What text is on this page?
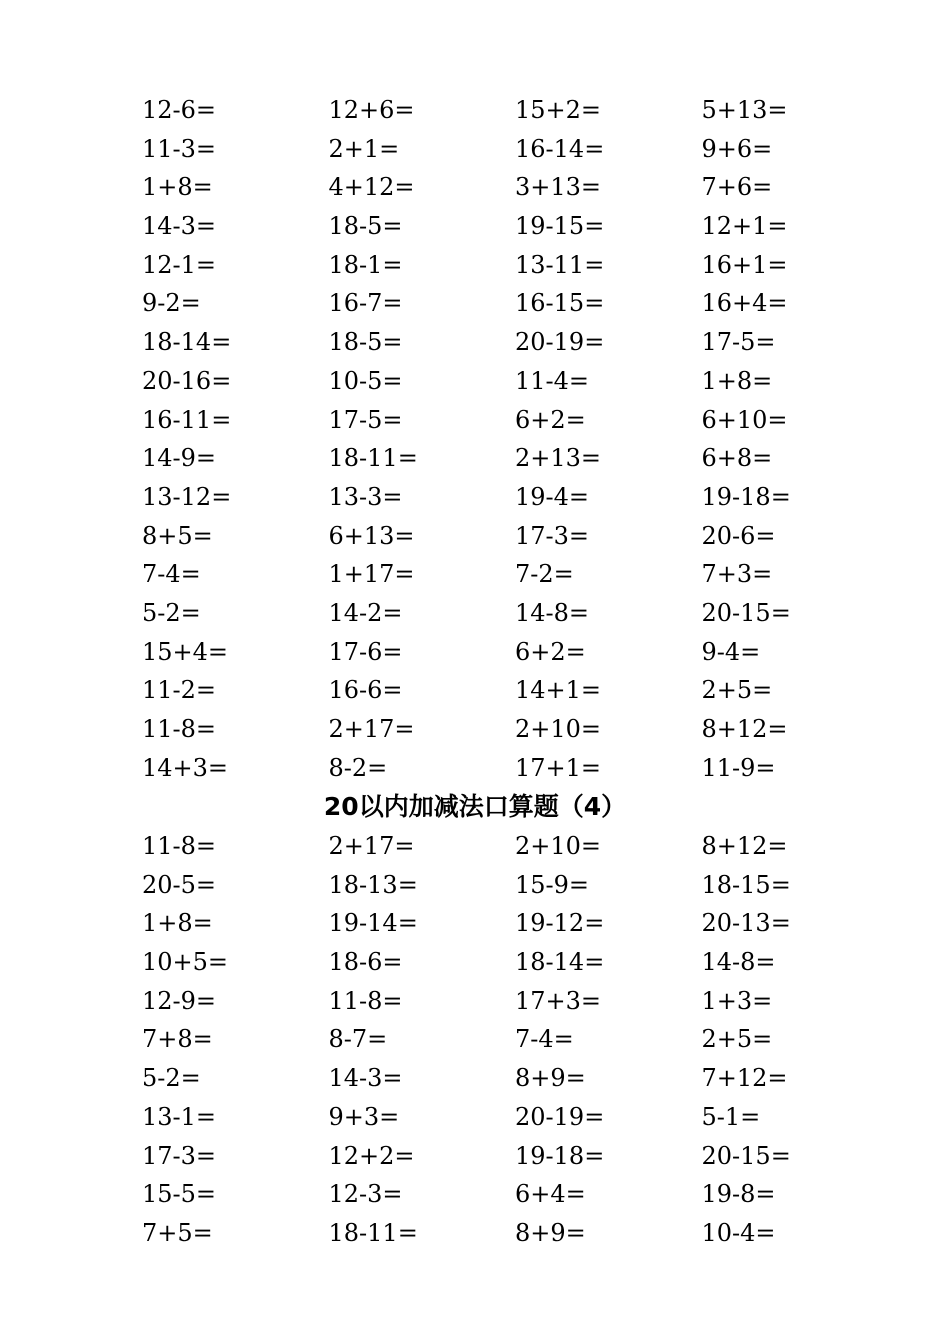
12-6=	12+6=	15+2=	5+13=
11-3=	2+1=	16-14=	9+6=
1+8=	4+12=	3+13=	7+6=
14-3=	18-5=	19-15=	12+1=
12-1=	18-1=	13-11=	16+1=
9-2=	16-7=	16-15=	16+4=
18-14=	18-5=	20-19=	17-5=
20-16=	10-5=	11-4=	1+8=
16-11=	17-5=	6+2=	6+10=
14-9=	18-11=	2+13=	6+8=
13-12=	13-3=	19-4=	19-18=
8+5=	6+13=	17-3=	20-6=
7-4=	1+17=	7-2=	7+3=
5-2=	14-2=	14-8=	20-15=
15+4=	17-6=	6+2=	9-4=
11-2=	16-6=	14+1=	2+5=
11-8=	2+17=	2+10=	8+12=
14+3=	8-2=	17+1=	11-9=
20以内加减法口算题（4）
11-8=	2+17=	2+10=	8+12=
20-5=	18-13=	15-9=	18-15=
1+8=	19-14=	19-12=	20-13=
10+5=	18-6=	18-14=	14-8=
12-9=	11-8=	17+3=	1+3=
7+8=	8-7=	7-4=	2+5=
5-2=	14-3=	8+9=	7+12=
13-1=	9+3=	20-19=	5-1=
17-3=	12+2=	19-18=	20-15=
15-5=	12-3=	6+4=	19-8=
7+5=	18-11=	8+9=	10-4=
